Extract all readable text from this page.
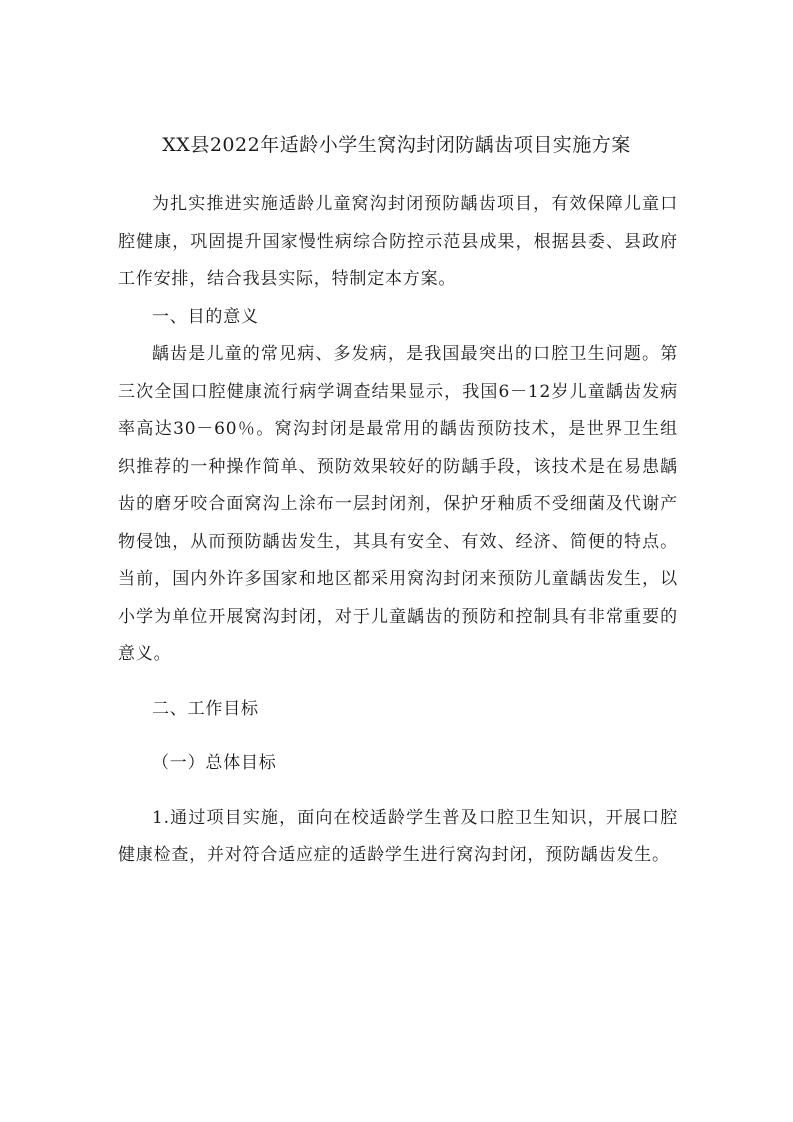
XX县2022年适龄小学生窝沟封闭防龋齿项目实施方案

为扎实推进实施适龄儿童窝沟封闭预防龋齿项目，有效保障儿童口腔健康，巩固提升国家慢性病综合防控示范县成果，根据县委、县政府工作安排，结合我县实际，特制定本方案。

一、目的意义

龋齿是儿童的常见病、多发病，是我国最突出的口腔卫生问题。第三次全国口腔健康流行病学调查结果显示，我国6－12岁儿童龋齿发病率高达30－60％。窝沟封闭是最常用的龋齿预防技术，是世界卫生组织推荐的一种操作简单、预防效果较好的防龋手段，该技术是在易患龋齿的磨牙咬合面窝沟上涂布一层封闭剂，保护牙釉质不受细菌及代谢产物侵蚀，从而预防龋齿发生，其具有安全、有效、经济、简便的特点。当前，国内外许多国家和地区都采用窝沟封闭来预防儿童龋齿发生，以小学为单位开展窝沟封闭，对于儿童龋齿的预防和控制具有非常重要的意义。

二、工作目标

（一）总体目标

1.通过项目实施，面向在校适龄学生普及口腔卫生知识，开展口腔健康检查，并对符合适应症的适龄学生进行窝沟封闭，预防龋齿发生。
